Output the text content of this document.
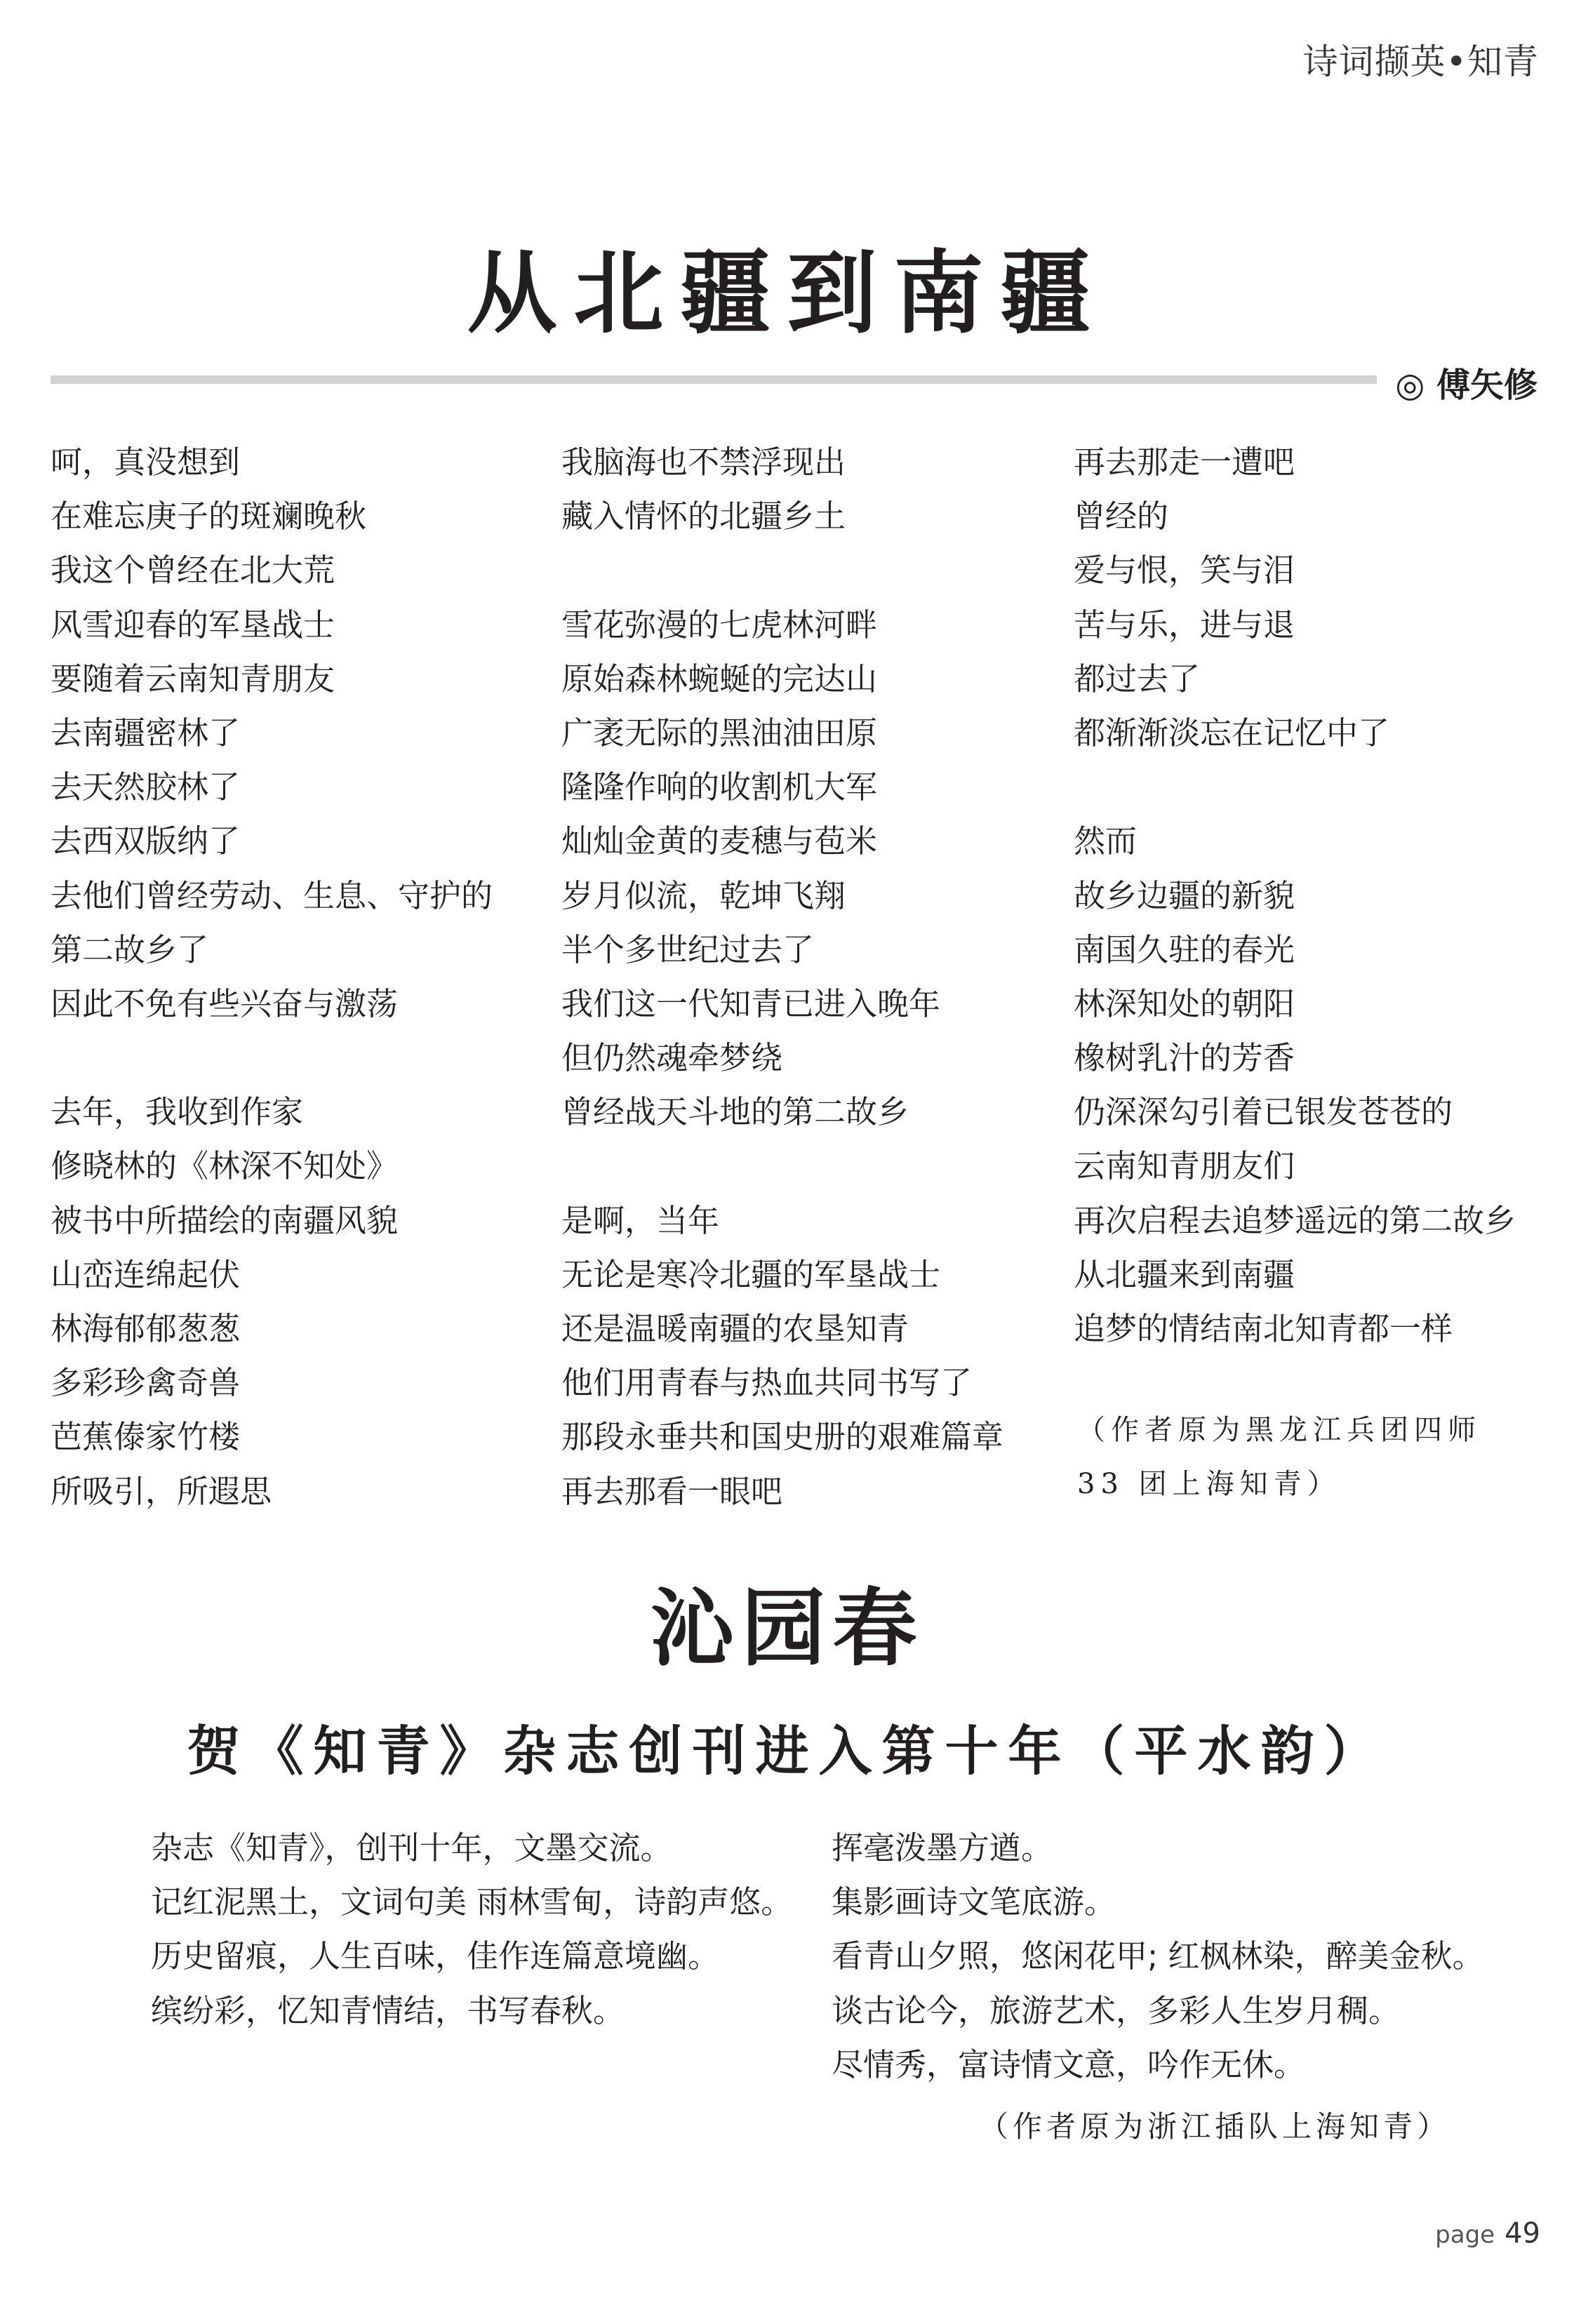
诗词撷英•知青
从北疆到南疆
◎ 傅矢修
呵，真没想到
在难忘庚子的斑斓晚秋
我这个曾经在北大荒
风雪迎春的军垦战士
要随着云南知青朋友
去南疆密林了
去天然胶林了
去西双版纳了
去他们曾经劳动、生息、守护的
第二故乡了
因此不免有些兴奋与激荡
去年，我收到作家
修晓林的《林深不知处》
被书中所描绘的南疆风貌
山峦连绵起伏
林海郁郁葱葱
多彩珍禽奇兽
芭蕉傣家竹楼
所吸引，所遐思
我脑海也不禁浮现出
藏入情怀的北疆乡土
雪花弥漫的七虎林河畔
原始森林蜿蜒的完达山
广袤无际的黑油油田原
隆隆作响的收割机大军
灿灿金黄的麦穗与苞米
岁月似流，乾坤飞翔
半个多世纪过去了
我们这一代知青已进入晚年
但仍然魂牵梦绕
曾经战天斗地的第二故乡
是啊，当年
无论是寒冷北疆的军垦战士
还是温暖南疆的农垦知青
他们用青春与热血共同书写了
那段永垂共和国史册的艰难篇章
再去那看一眼吧
再去那走一遭吧
曾经的
爱与恨，笑与泪
苦与乐，进与退
都过去了
都渐渐淡忘在记忆中了
然而
故乡边疆的新貌
南国久驻的春光
林深知处的朝阳
橡树乳汁的芳香
仍深深勾引着已银发苍苍的
云南知青朋友们
再次启程去追梦遥远的第二故乡
从北疆来到南疆
追梦的情结南北知青都一样
（作者原为黑龙江兵团四师 33 团上海知青）
沁园春
贺《知青》杂志创刊进入第十年（平水韵）
杂志《知青》，创刊十年，文墨交流。
记红泥黑土，文词句美 雨林雪甸，诗韵声悠。
历史留痕，人生百味，佳作连篇意境幽。
缤纷彩，忆知青情结，书写春秋。
挥毫泼墨方遒。
集影画诗文笔底游。
看青山夕照，悠闲花甲; 红枫林染，醉美金秋。
谈古论今，旅游艺术，多彩人生岁月稠。
尽情秀，富诗情文意，吟作无休。
（作者原为浙江插队上海知青）
page 49
